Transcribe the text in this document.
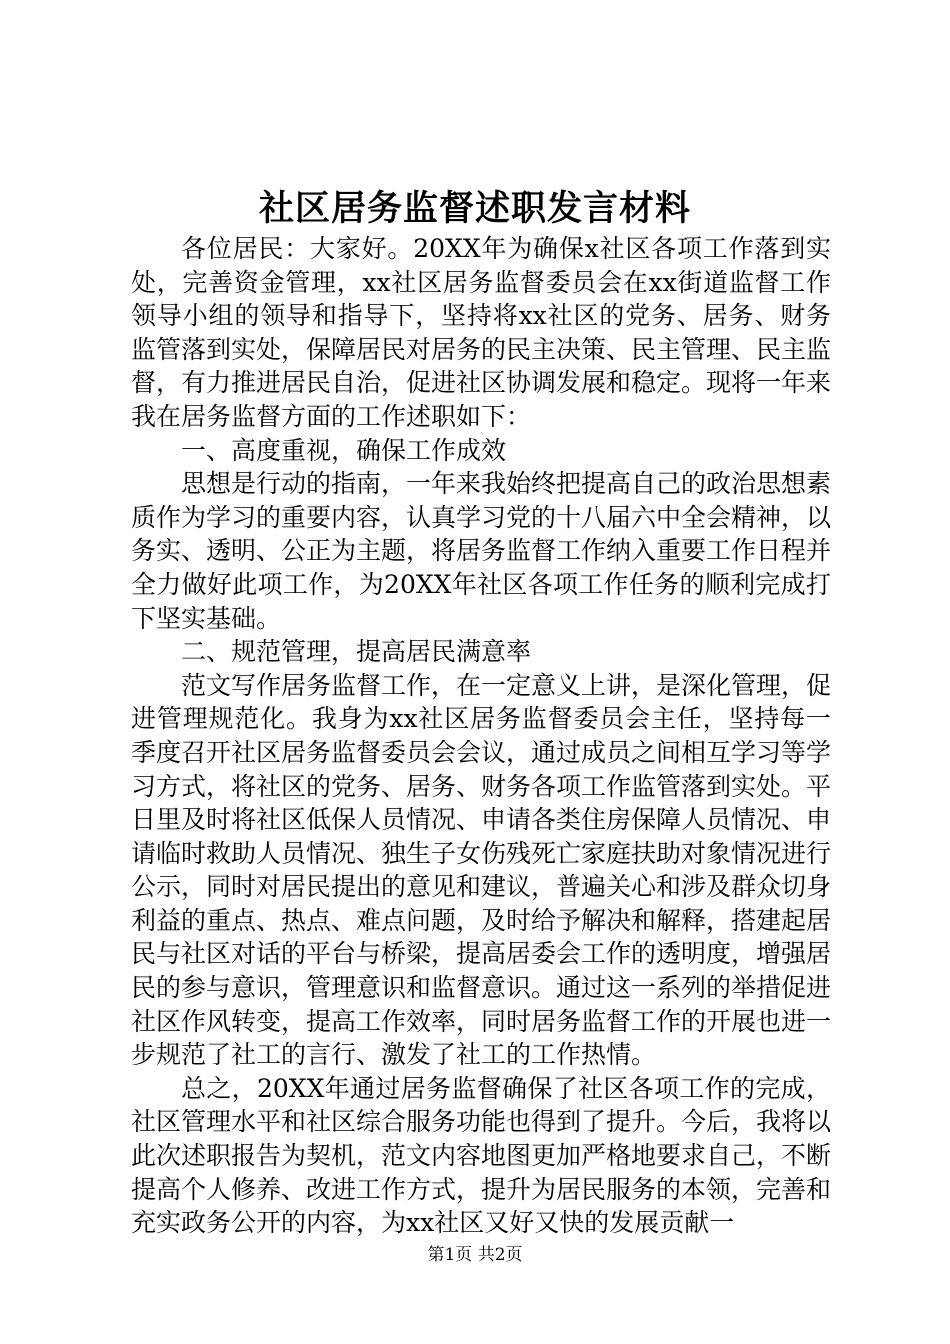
社区居务监督述职发言材料

各位居民：大家好。20XX年为确保x社区各项工作落到实处，完善资金管理，xx社区居务监督委员会在xx街道监督工作领导小组的领导和指导下，坚持将xx社区的党务、居务、财务监管落到实处，保障居民对居务的民主决策、民主管理、民主监督，有力推进居民自治，促进社区协调发展和稳定。现将一年来我在居务监督方面的工作述职如下：

一、高度重视，确保工作成效

思想是行动的指南，一年来我始终把提高自己的政治思想素质作为学习的重要内容，认真学习党的十八届六中全会精神，以务实、透明、公正为主题，将居务监督工作纳入重要工作日程并全力做好此项工作，为20XX年社区各项工作任务的顺利完成打下坚实基础。

二、规范管理，提高居民满意率

范文写作居务监督工作，在一定意义上讲，是深化管理，促进管理规范化。我身为xx社区居务监督委员会主任，坚持每一季度召开社区居务监督委员会会议，通过成员之间相互学习等学习方式，将社区的党务、居务、财务各项工作监管落到实处。平日里及时将社区低保人员情况、申请各类住房保障人员情况、申请临时救助人员情况、独生子女伤残死亡家庭扶助对象情况进行公示，同时对居民提出的意见和建议，普遍关心和涉及群众切身利益的重点、热点、难点问题，及时给予解决和解释，搭建起居民与社区对话的平台与桥梁，提高居委会工作的透明度，增强居民的参与意识，管理意识和监督意识。通过这一系列的举措促进社区作风转变，提高工作效率，同时居务监督工作的开展也进一步规范了社工的言行、激发了社工的工作热情。

总之，20XX年通过居务监督确保了社区各项工作的完成，社区管理水平和社区综合服务功能也得到了提升。今后，我将以此次述职报告为契机，范文内容地图更加严格地要求自己，不断提高个人修养、改进工作方式，提升为居民服务的本领，完善和充实政务公开的内容，为xx社区又好又快的发展贡献一

第1页 共2页
